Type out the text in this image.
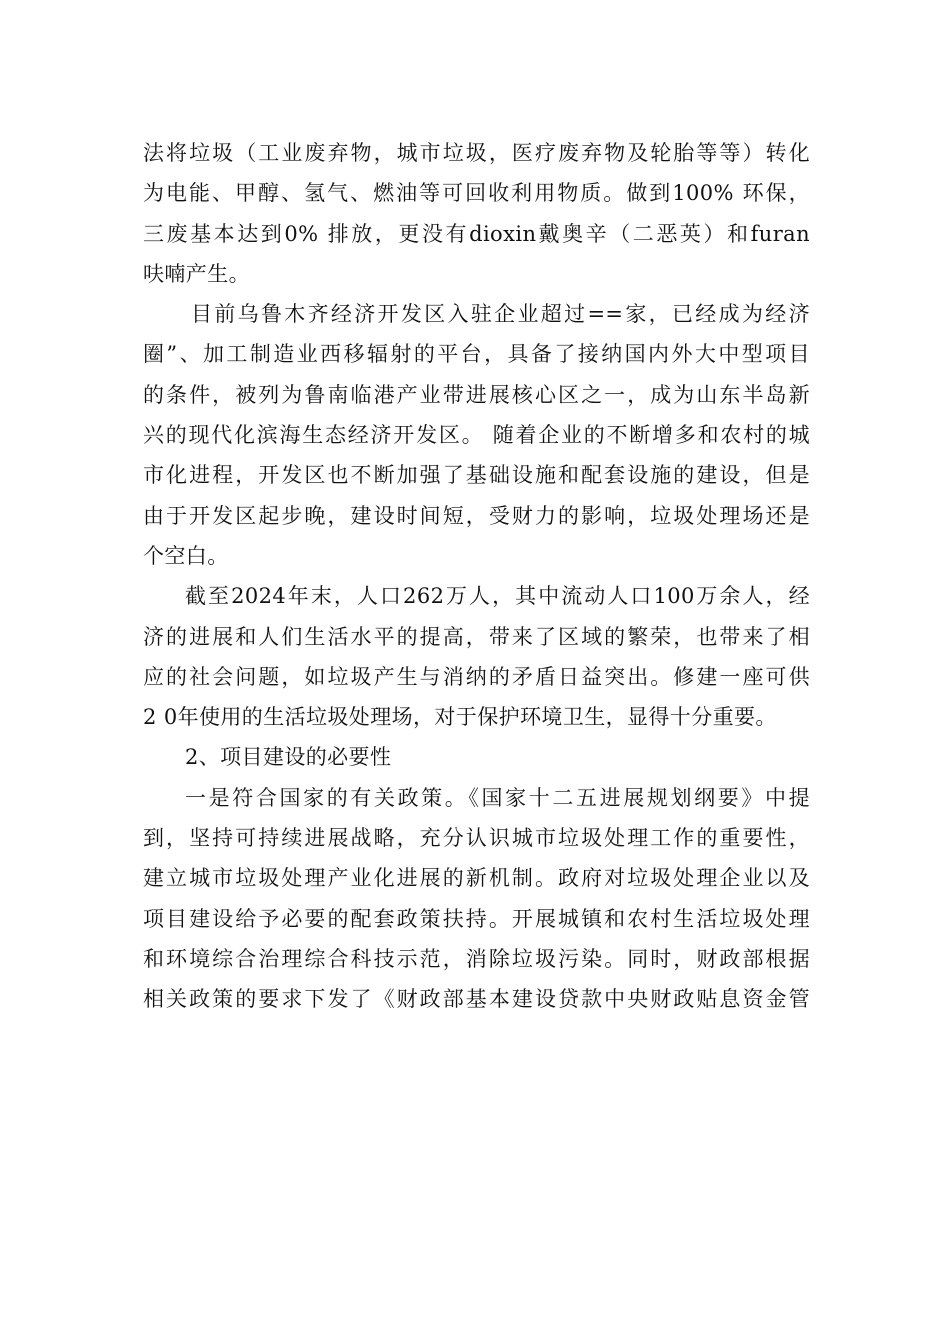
法将垃圾（工业废弃物，城市垃圾，医疗废弃物及轮胎等等）转化
为电能、甲醇、氢气、燃油等可回收利用物质。做到100% 环保，
三废基本达到0% 排放，更没有dioxin戴奥辛（二恶英）和furan
呋喃产生。
目前乌鲁木齐经济开发区入驻企业超过==家，已经成为经济
圈”、加工制造业西移辐射的平台，具备了接纳国内外大中型项目
的条件，被列为鲁南临港产业带进展核心区之一，成为山东半岛新
兴的现代化滨海生态经济开发区。 随着企业的不断增多和农村的城
市化进程，开发区也不断加强了基础设施和配套设施的建设，但是
由于开发区起步晚，建设时间短，受财力的影响，垃圾处理场还是
个空白。
截至2024年末，人口262万人，其中流动人口100万余人，经
济的进展和人们生活水平的提高，带来了区域的繁荣，也带来了相
应的社会问题，如垃圾产生与消纳的矛盾日益突出。修建一座可供
2 0年使用的生活垃圾处理场，对于保护环境卫生，显得十分重要。
2、项目建设的必要性
一是符合国家的有关政策。《国家十二五进展规划纲要》中提
到，坚持可持续进展战略，充分认识城市垃圾处理工作的重要性，
建立城市垃圾处理产业化进展的新机制。政府对垃圾处理企业以及
项目建设给予必要的配套政策扶持。开展城镇和农村生活垃圾处理
和环境综合治理综合科技示范，消除垃圾污染。同时，财政部根据
相关政策的要求下发了《财政部基本建设贷款中央财政贴息资金管
